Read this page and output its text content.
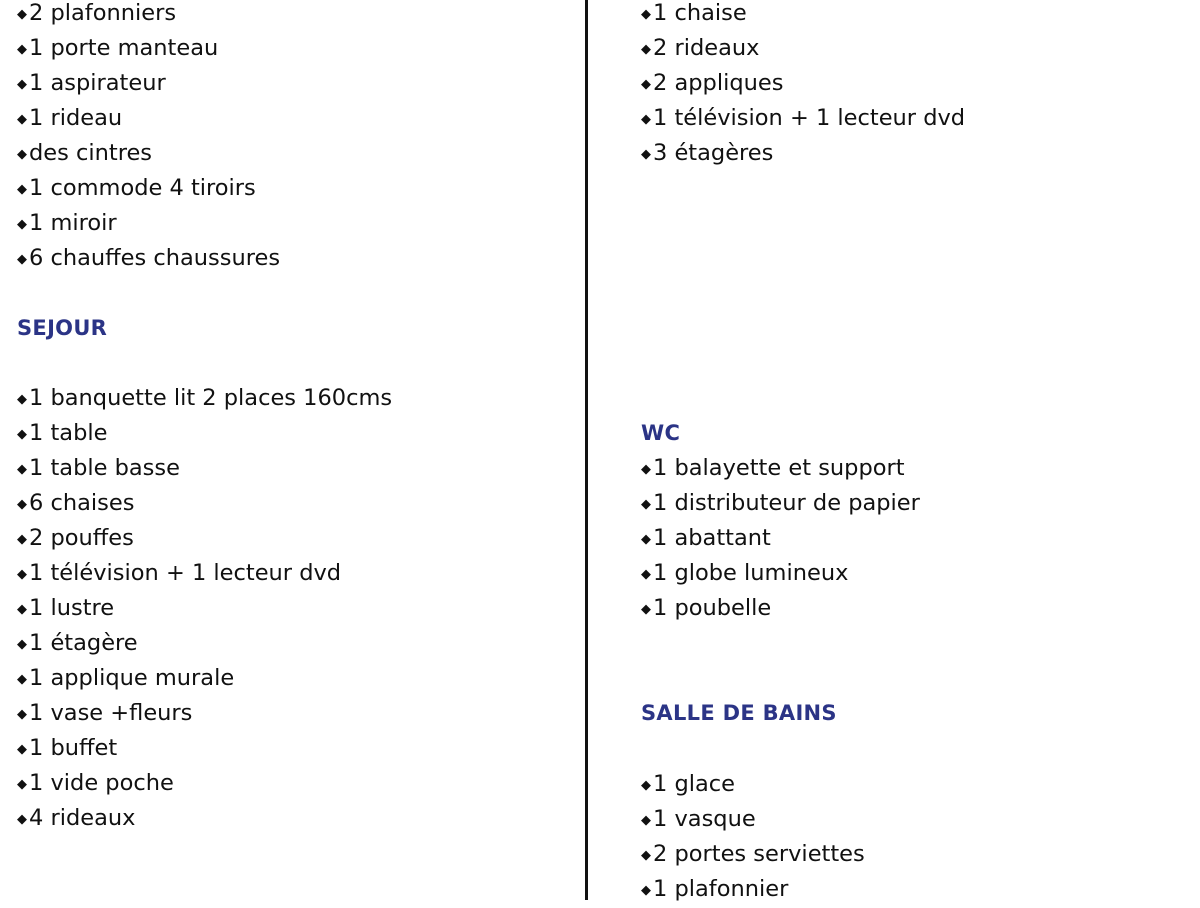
◆2 plafonniers
◆1 porte manteau
◆1 aspirateur
◆1 rideau
◆des cintres
◆1 commode 4 tiroirs
◆1 miroir
◆6 chauffes chaussures
SEJOUR
◆1 banquette lit 2 places 160cms
◆1 table
◆1 table basse
◆6 chaises
◆2 pouffes
◆1 télévision + 1 lecteur dvd
◆1 lustre
◆1 étagère
◆1 applique murale
◆1 vase +fleurs
◆1 buffet
◆1 vide poche
◆4 rideaux
◆1 chaise
◆2 rideaux
◆2 appliques
◆1 télévision + 1 lecteur dvd
◆3 étagères
WC
◆1 balayette et support
◆1 distributeur de papier
◆1 abattant
◆1 globe lumineux
◆1 poubelle
SALLE DE BAINS
◆1 glace
◆1 vasque
◆2 portes serviettes
◆1 plafonnier
